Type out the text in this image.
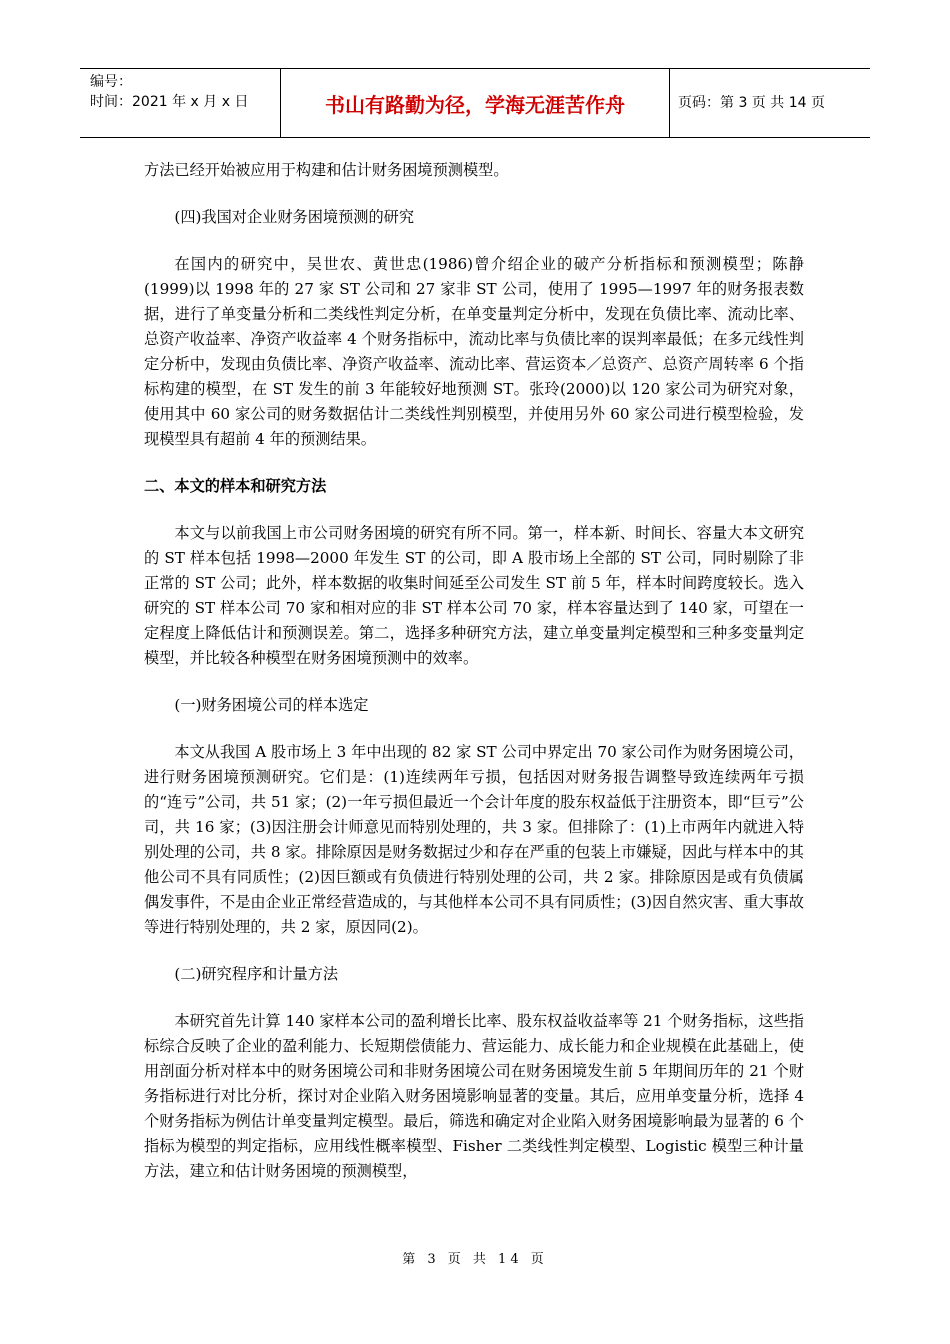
编号：
时间：2021 年 x 月 x 日	书山有路勤为径，学海无涯苦作舟	页码：第 3 页 共 14 页

方法已经开始被应用于构建和估计财务困境预测模型。

(四)我国对企业财务困境预测的研究

在国内的研究中，吴世农、黄世忠(1986)曾介绍企业的破产分析指标和预测模型；陈静(1999)以 1998 年的 27 家 ST 公司和 27 家非 ST 公司，使用了 1995—1997 年的财务报表数据，进行了单变量分析和二类线性判定分析，在单变量判定分析中，发现在负债比率、流动比率、总资产收益率、净资产收益率 4 个财务指标中，流动比率与负债比率的误判率最低；在多元线性判定分析中，发现由负债比率、净资产收益率、流动比率、营运资本／总资产、总资产周转率 6 个指标构建的模型，在 ST 发生的前 3 年能较好地预测 ST。张玲(2000)以 120 家公司为研究对象，使用其中 60 家公司的财务数据估计二类线性判别模型，并使用另外 60 家公司进行模型检验，发现模型具有超前 4 年的预测结果。

二、本文的样本和研究方法

本文与以前我国上市公司财务困境的研究有所不同。第一，样本新、时间长、容量大本文研究的 ST 样本包括 1998—2000 年发生 ST 的公司，即 A 股市场上全部的 ST 公司，同时剔除了非正常的 ST 公司；此外，样本数据的收集时间延至公司发生 ST 前 5 年，样本时间跨度较长。选入研究的 ST 样本公司 70 家和相对应的非 ST 样本公司 70 家，样本容量达到了 140 家，可望在一定程度上降低估计和预测误差。第二，选择多种研究方法，建立单变量判定模型和三种多变量判定模型，并比较各种模型在财务困境预测中的效率。

(一)财务困境公司的样本选定

本文从我国 A 股市场上 3 年中出现的 82 家 ST 公司中界定出 70 家公司作为财务困境公司，进行财务困境预测研究。它们是：(1)连续两年亏损，包括因对财务报告调整导致连续两年亏损的“连亏”公司，共 51 家；(2)一年亏损但最近一个会计年度的股东权益低于注册资本，即“巨亏”公司，共 16 家；(3)因注册会计师意见而特别处理的，共 3 家。但排除了：(1)上市两年内就进入特别处理的公司，共 8 家。排除原因是财务数据过少和存在严重的包装上市嫌疑，因此与样本中的其他公司不具有同质性；(2)因巨额或有负债进行特别处理的公司，共 2 家。排除原因是或有负债属偶发事件，不是由企业正常经营造成的，与其他样本公司不具有同质性；(3)因自然灾害、重大事故等进行特别处理的，共 2 家，原因同(2)。

(二)研究程序和计量方法

本研究首先计算 140 家样本公司的盈利增长比率、股东权益收益率等 21 个财务指标，这些指标综合反映了企业的盈利能力、长短期偿债能力、营运能力、成长能力和企业规模在此基础上，使用剖面分析对样本中的财务困境公司和非财务困境公司在财务困境发生前 5 年期间历年的 21 个财务指标进行对比分析，探讨对企业陷入财务困境影响显著的变量。其后，应用单变量分析，选择 4 个财务指标为例估计单变量判定模型。最后，筛选和确定对企业陷入财务困境影响最为显著的 6 个指标为模型的判定指标，应用线性概率模型、Fisher 二类线性判定模型、Logistic 模型三种计量方法，建立和估计财务困境的预测模型，

第 3 页 共 14 页
